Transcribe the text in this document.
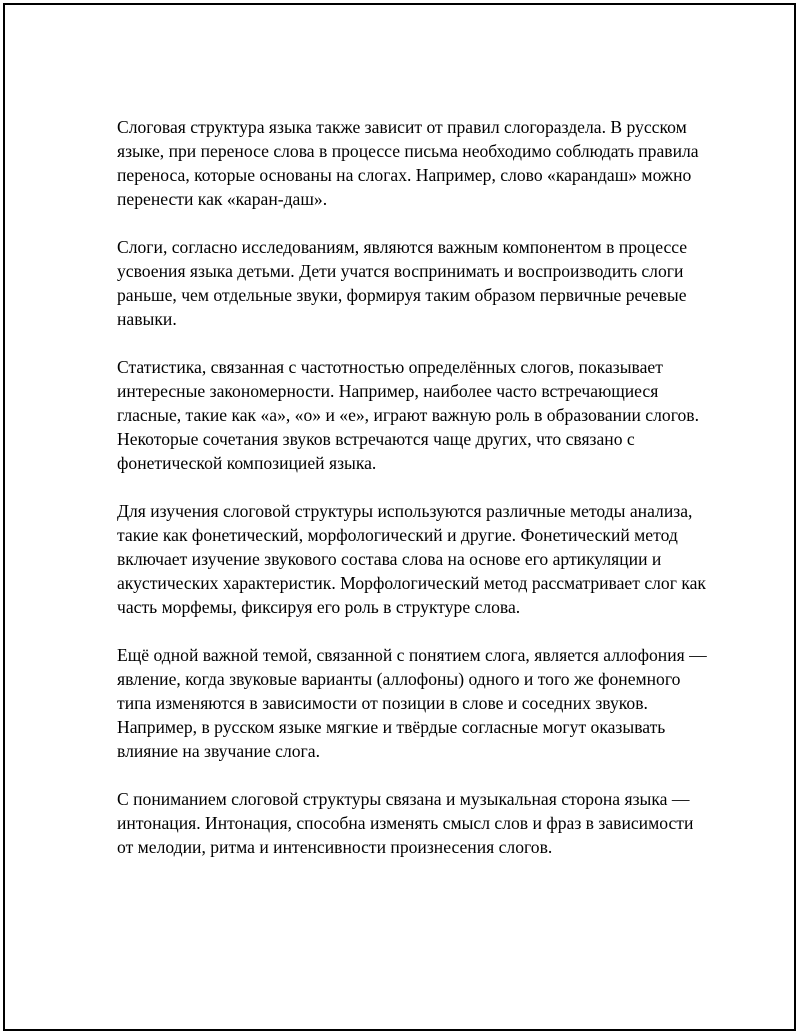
Слоговая структура языка также зависит от правил слогораздела. В русском языке, при переносе слова в процессе письма необходимо соблюдать правила переноса, которые основаны на слогах. Например, слово «карандаш» можно перенести как «каран-даш».

Слоги, согласно исследованиям, являются важным компонентом в процессе усвоения языка детьми. Дети учатся воспринимать и воспроизводить слоги раньше, чем отдельные звуки, формируя таким образом первичные речевые навыки.

Статистика, связанная с частотностью определённых слогов, показывает интересные закономерности. Например, наиболее часто встречающиеся гласные, такие как «а», «о» и «е», играют важную роль в образовании слогов. Некоторые сочетания звуков встречаются чаще других, что связано с фонетической композицией языка.

Для изучения слоговой структуры используются различные методы анализа, такие как фонетический, морфологический и другие. Фонетический метод включает изучение звукового состава слова на основе его артикуляции и акустических характеристик. Морфологический метод рассматривает слог как часть морфемы, фиксируя его роль в структуре слова.

Ещё одной важной темой, связанной с понятием слога, является аллофония — явление, когда звуковые варианты (аллофоны) одного и того же фонемного типа изменяются в зависимости от позиции в слове и соседних звуков. Например, в русском языке мягкие и твёрдые согласные могут оказывать влияние на звучание слога.

С пониманием слоговой структуры связана и музыкальная сторона языка — интонация. Интонация, способна изменять смысл слов и фраз в зависимости от мелодии, ритма и интенсивности произнесения слогов.
